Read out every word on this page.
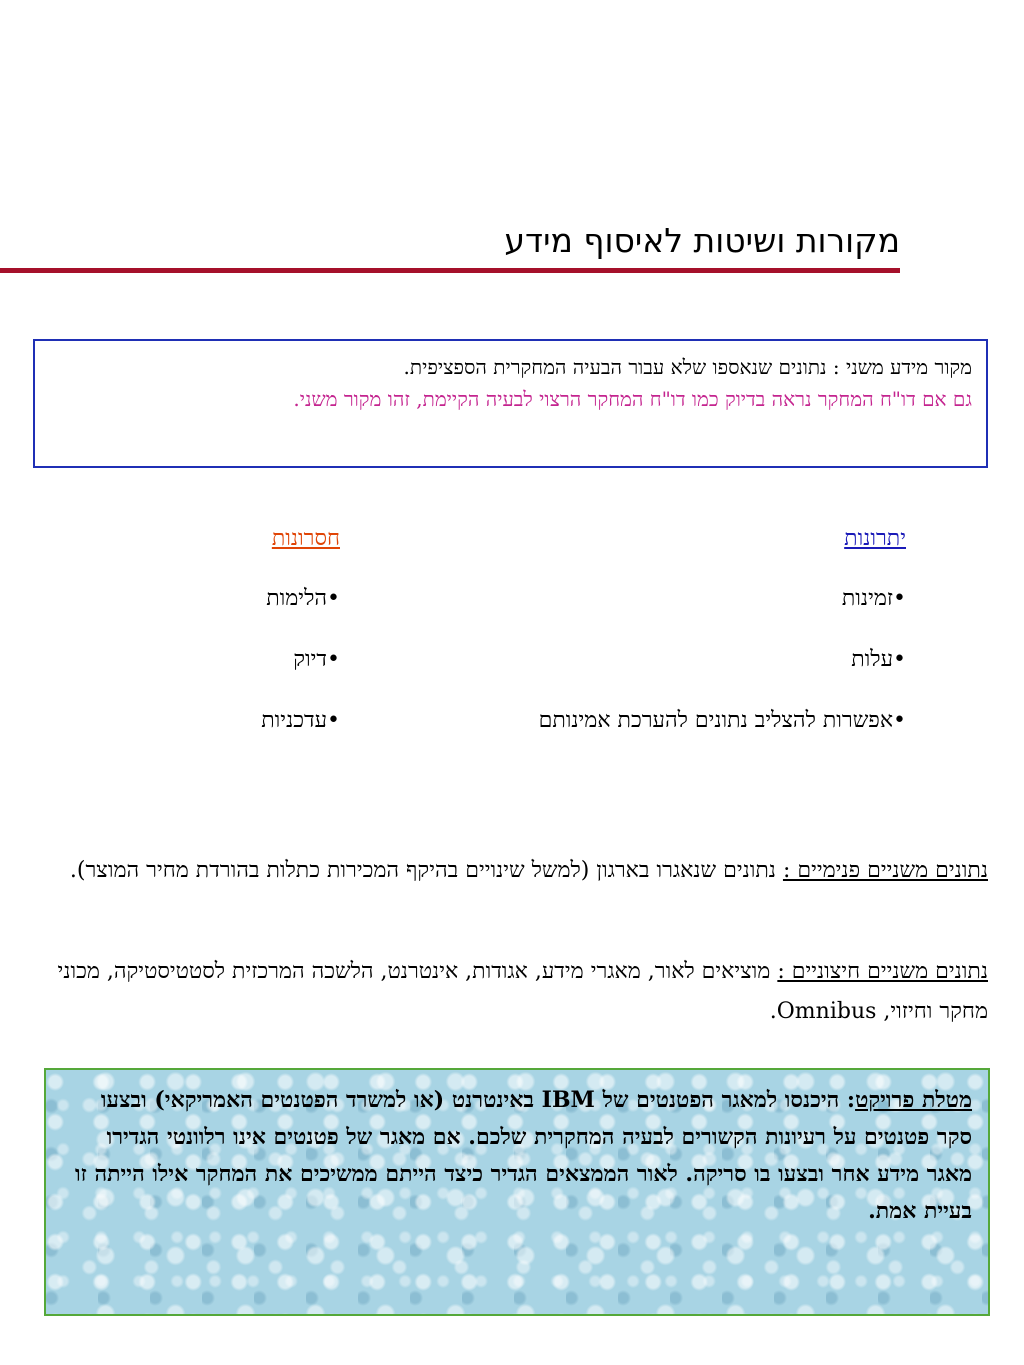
מקורות ושיטות לאיסוף מידע
מקור מידע משני : נתונים שנאספו שלא עבור הבעיה המחקרית הספציפית.
גם אם דו"ח המחקר נראה בדיוק כמו דו"ח המחקר הרצוי לבעיה הקיימת, זהו מקור משני.
יתרונות
•זמינות
•עלות
•אפשרות להצליב נתונים להערכת אמינותם
חסרונות
•הלימות
•דיוק
•עדכניות
נתונים משניים פנימיים : נתונים שנאגרו בארגון (למשל שינויים בהיקף המכירות כתלות בהורדת מחיר המוצר).
נתונים משניים חיצוניים : מוציאים לאור, מאגרי מידע, אגודות, אינטרנט, הלשכה המרכזית לסטטיסטיקה, מכוני מחקר וחיזוי, Omnibus.
מטלת פרויקט: היכנסו למאגר הפטנטים של IBM באינטרנט (או למשרד הפטנטים האמריקאי) ובצעו סקר פטנטים על רעיונות הקשורים לבעיה המחקרית שלכם. אם מאגר של פטנטים אינו רלוונטי הגדירו מאגר מידע אחר ובצעו בו סריקה. לאור הממצאים הגדיר כיצד הייתם ממשיכים את המחקר אילו הייתה זו בעיית אמת.
